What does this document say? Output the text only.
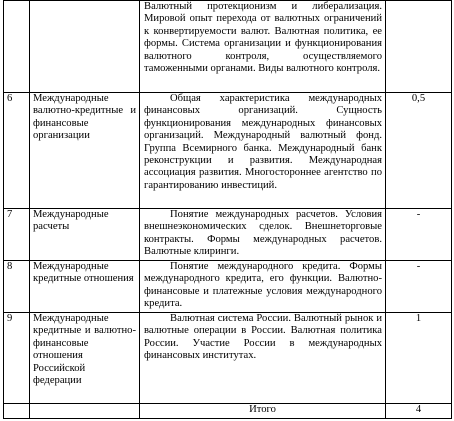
		Валютный протекционизм и либерализация. Мировой опыт перехода от валютных ограничений к конвертируемости валют. Валютная политика, ее формы. Система организации и функционирования валютного контроля, осуществляемого таможенными органами. Виды валютного контроля.	

6	Международные валютно-кредитные и финансовые организации	Общая характеристика международных финансовых организаций. Сущность функционирования международных финансовых организаций. Международный валютный фонд. Группа Всемирного банка. Международный банк реконструкции и развития. Международная ассоциация развития. Многостороннее агентство по гарантированию инвестиций.	0,5
7	Международные расчеты	Понятие международных расчетов. Условия внешнеэкономических сделок. Внешнеторговые контракты. Формы международных расчетов. Валютные клиринги.	-
8	Международные кредитные отношения	Понятие международного кредита. Формы международного кредита, его функции. Валютно-финансовые и платежные условия международного кредита.	-
9	Международные кредитные и валютно-финансовые отношения Российской федерации	Валютная система России. Валютный рынок и валютные операции в России. Валютная политика России. Участие России в международных финансовых институтах.	1
		Итого	4
